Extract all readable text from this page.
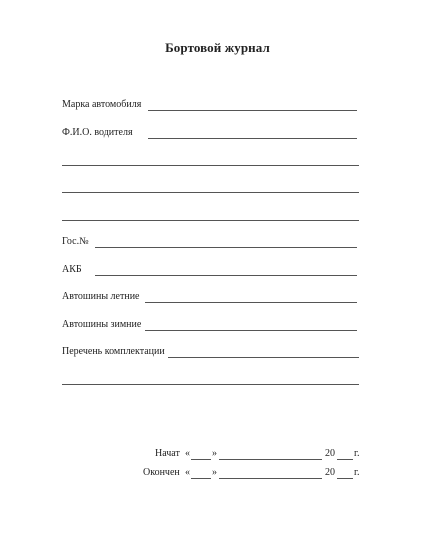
Бортовой журнал
Марка автомобиля
Ф.И.О. водителя
Гос.№
АКБ
Автошины летние
Автошины зимние
Перечень комплектации
Начат « »	20 г.
Окончен « »	20 г.
